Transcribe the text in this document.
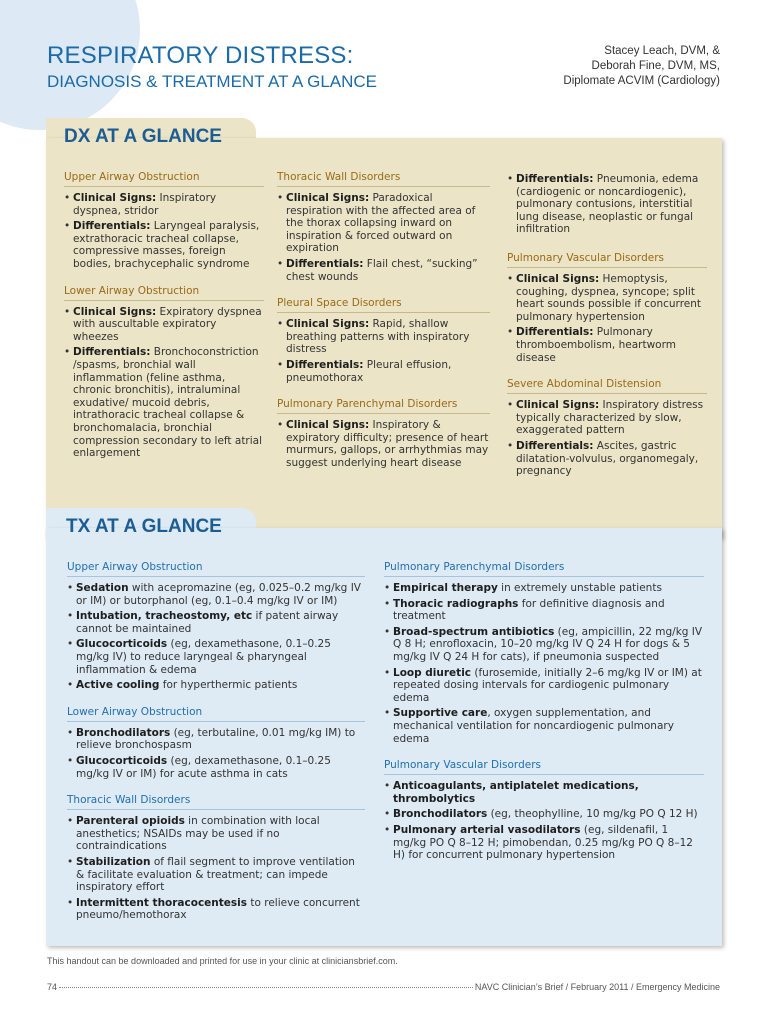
RESPIRATORY DISTRESS:
DIAGNOSIS & TREATMENT AT A GLANCE
Stacey Leach, DVM, &
Deborah Fine, DVM, MS,
Diplomate ACVIM (Cardiology)
DX AT A GLANCE
Upper Airway Obstruction
• Clinical Signs: Inspiratory dyspnea, stridor
• Differentials: Laryngeal paralysis, extrathoracic tracheal collapse, compressive masses, foreign bodies, brachycephalic syndrome
Lower Airway Obstruction
• Clinical Signs: Expiratory dyspnea with auscultable expiratory wheezes
• Differentials: Bronchoconstriction /spasms, bronchial wall inflammation (feline asthma, chronic bronchitis), intraluminal exudative/ mucoid debris, intrathoracic tracheal collapse & bronchomalacia, bronchial compression secondary to left atrial enlargement
Thoracic Wall Disorders
• Clinical Signs: Paradoxical respiration with the affected area of the thorax collapsing inward on inspiration & forced outward on expiration
• Differentials: Flail chest, “sucking” chest wounds
Pleural Space Disorders
• Clinical Signs: Rapid, shallow breathing patterns with inspiratory distress
• Differentials: Pleural effusion, pneumothorax
Pulmonary Parenchymal Disorders
• Clinical Signs: Inspiratory & expiratory difficulty; presence of heart murmurs, gallops, or arrhythmias may suggest underlying heart disease
• Differentials: Pneumonia, edema (cardiogenic or noncardiogenic), pulmonary contusions, interstitial lung disease, neoplastic or fungal infiltration
Pulmonary Vascular Disorders
• Clinical Signs: Hemoptysis, coughing, dyspnea, syncope; split heart sounds possible if concurrent pulmonary hypertension
• Differentials: Pulmonary thromboembolism, heartworm disease
Severe Abdominal Distension
• Clinical Signs: Inspiratory distress typically characterized by slow, exaggerated pattern
• Differentials: Ascites, gastric dilatation-volvulus, organomegaly, pregnancy
TX AT A GLANCE
Upper Airway Obstruction
• Sedation with acepromazine (eg, 0.025–0.2 mg/kg IV or IM) or butorphanol (eg, 0.1–0.4 mg/kg IV or IM)
• Intubation, tracheostomy, etc if patent airway cannot be maintained
• Glucocorticoids (eg, dexamethasone, 0.1–0.25 mg/kg IV) to reduce laryngeal & pharyngeal inflammation & edema
• Active cooling for hyperthermic patients
Lower Airway Obstruction
• Bronchodilators (eg, terbutaline, 0.01 mg/kg IM) to relieve bronchospasm
• Glucocorticoids (eg, dexamethasone, 0.1–0.25 mg/kg IV or IM) for acute asthma in cats
Thoracic Wall Disorders
• Parenteral opioids in combination with local anesthetics; NSAIDs may be used if no contraindications
• Stabilization of flail segment to improve ventilation & facilitate evaluation & treatment; can impede inspiratory effort
• Intermittent thoracocentesis to relieve concurrent pneumo/hemothorax
Pulmonary Parenchymal Disorders
• Empirical therapy in extremely unstable patients
• Thoracic radiographs for definitive diagnosis and treatment
• Broad-spectrum antibiotics (eg, ampicillin, 22 mg/kg IV Q 8 H; enrofloxacin, 10–20 mg/kg IV Q 24 H for dogs & 5 mg/kg IV Q 24 H for cats), if pneumonia suspected
• Loop diuretic (furosemide, initially 2–6 mg/kg IV or IM) at repeated dosing intervals for cardiogenic pulmonary edema
• Supportive care, oxygen supplementation, and mechanical ventilation for noncardiogenic pulmonary edema
Pulmonary Vascular Disorders
• Anticoagulants, antiplatelet medications, thrombolytics
• Bronchodilators (eg, theophylline, 10 mg/kg PO Q 12 H)
• Pulmonary arterial vasodilators (eg, sildenafil, 1 mg/kg PO Q 8–12 H; pimobendan, 0.25 mg/kg PO Q 8–12 H) for concurrent pulmonary hypertension
This handout can be downloaded and printed for use in your clinic at cliniciansbrief.com.
74	NAVC Clinician’s Brief / February 2011 / Emergency Medicine
